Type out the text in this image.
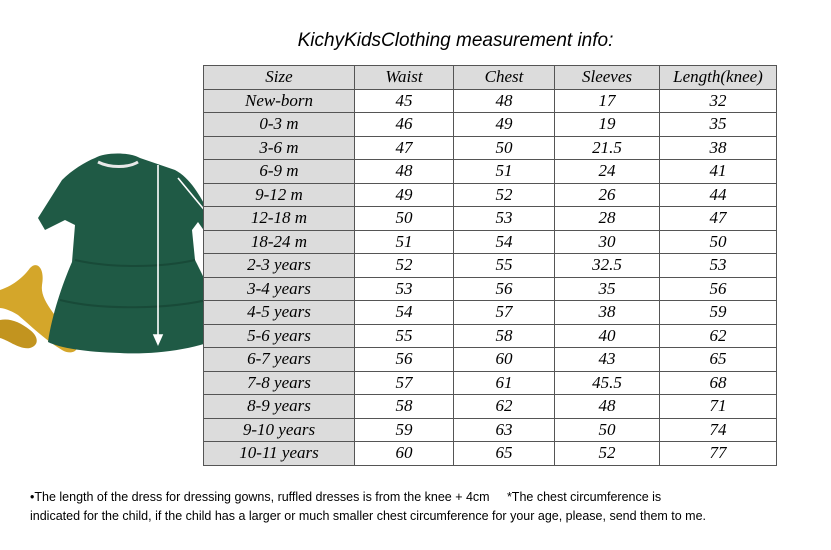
KichyKidsClothing measurement info:
Size	Waist	Chest	Sleeves	Length(knee)
New-born	45	48	17	32
0-3 m	46	49	19	35
3-6 m	47	50	21.5	38
6-9 m	48	51	24	41
9-12 m	49	52	26	44
12-18 m	50	53	28	47
18-24 m	51	54	30	50
2-3 years	52	55	32.5	53
3-4 years	53	56	35	56
4-5 years	54	57	38	59
5-6 years	55	58	40	62
6-7 years	56	60	43	65
7-8 years	57	61	45.5	68
8-9 years	58	62	48	71
9-10 years	59	63	50	74
10-11 years	60	65	52	77
•The length of the dress for dressing gowns, ruffled dresses is from the knee + 4cm     *The chest circumference is
indicated for the child, if the child has a larger or much smaller chest circumference for your age, please, send them to me.
